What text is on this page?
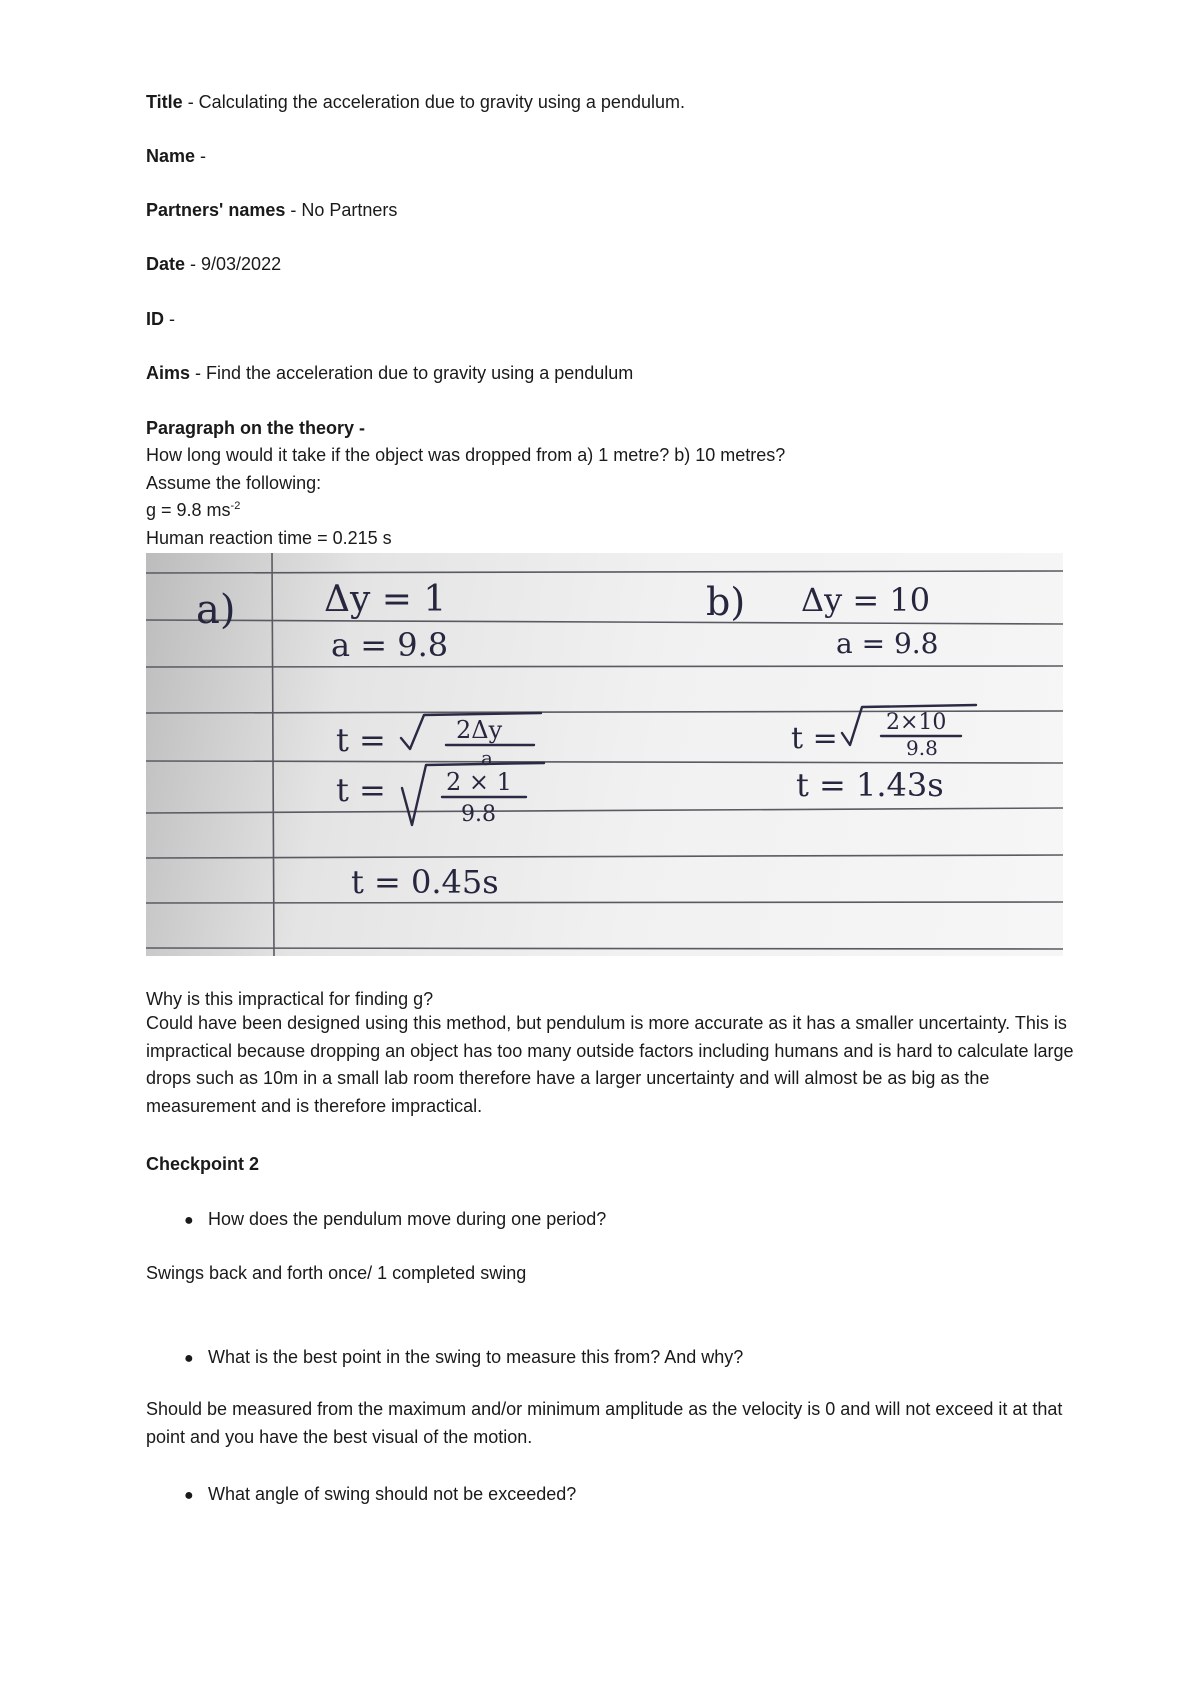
Title - Calculating the acceleration due to gravity using a pendulum.
Name -
Partners' names - No Partners
Date - 9/03/2022
ID -
Aims - Find the acceleration due to gravity using a pendulum
Paragraph on the theory -
How long would it take if the object was dropped from a) 1 metre? b) 10 metres?
Assume the following:
g = 9.8 $ms^{-2}$
Human reaction time = 0.215 s
a) Δy = 1
a = 9.8
t =	2Δy
a
t =	2 × 1
9.8
t = 0.45s
b) Δy = 10
a = 9.8
t = 2×10
9.8
t = 1.43s
Why is this impractical for finding g?
Could have been designed using this method, but pendulum is more accurate as it has a smaller uncertainty. This is impractical because dropping an object has too many outside factors including humans and is hard to calculate large drops such as 10m in a small lab room therefore have a larger uncertainty and will almost be as big as the measurement and is therefore impractical.
Checkpoint 2
● How does the pendulum move during one period?
Swings back and forth once/ 1 completed swing
● What is the best point in the swing to measure this from? And why?
Should be measured from the maximum and/or minimum amplitude as the velocity is 0 and will not exceed it at that point and you have the best visual of the motion.
● What angle of swing should not be exceeded?
